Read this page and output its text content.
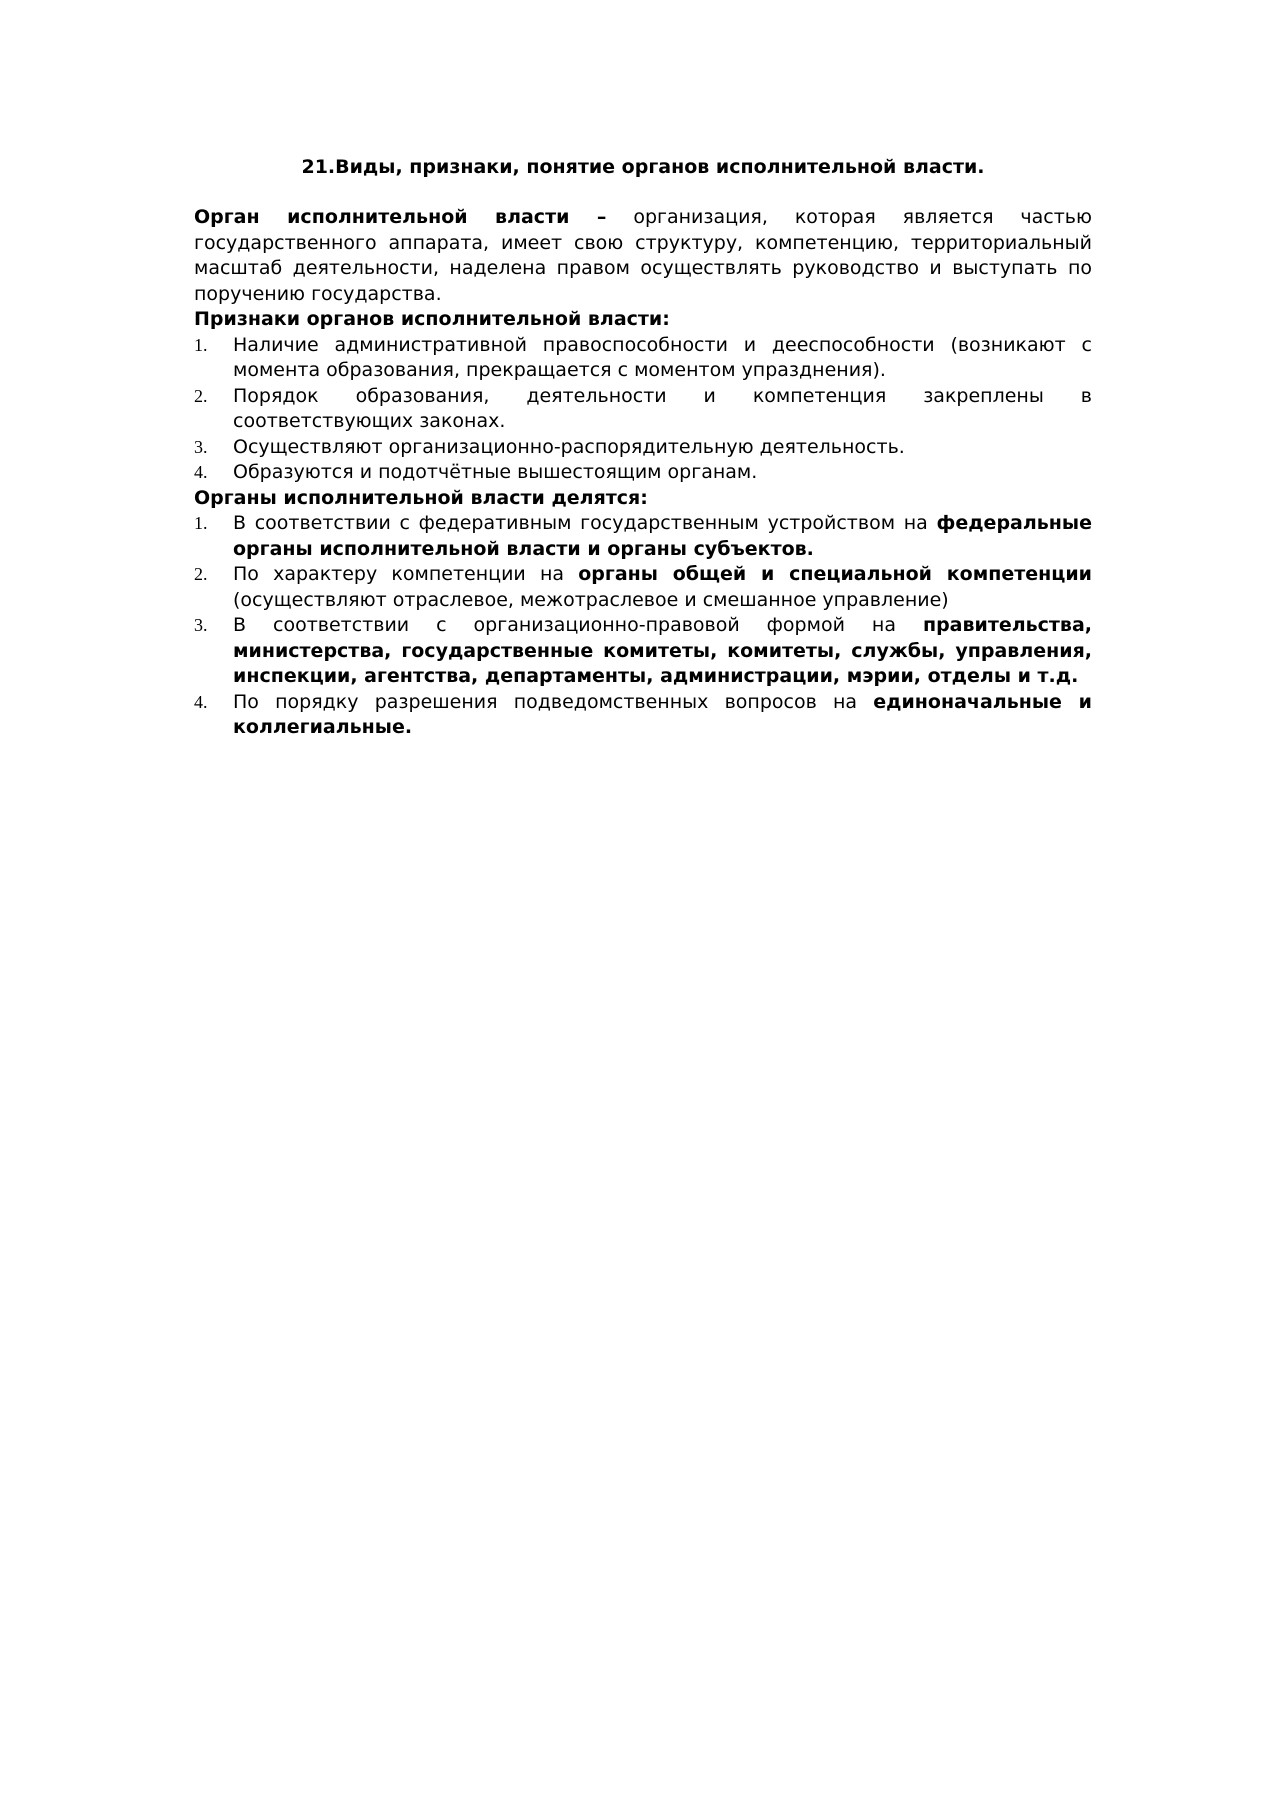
21.Виды, признаки, понятие органов исполнительной власти.

Орган исполнительной власти – организация, которая является частью государственного аппарата, имеет свою структуру, компетенцию, территориальный масштаб деятельности, наделена правом осуществлять руководство и выступать по поручению государства.

Признаки органов исполнительной власти:

1. Наличие административной правоспособности и дееспособности (возникают с момента образования, прекращается с моментом упразднения).
2. Порядок образования, деятельности и компетенция закреплены в соответствующих законах.
3. Осуществляют организационно-распорядительную деятельность.
4. Образуются и подотчётные вышестоящим органам.

Органы исполнительной власти делятся:

1. В соответствии с федеративным государственным устройством на федеральные органы исполнительной власти и органы субъектов.
2. По характеру компетенции на органы общей и специальной компетенции (осуществляют отраслевое, межотраслевое и смешанное управление)
3. В соответствии с организационно-правовой формой на правительства, министерства, государственные комитеты, комитеты, службы, управления, инспекции, агентства, департаменты, администрации, мэрии, отделы и т.д.
4. По порядку разрешения подведомственных вопросов на единоначальные и коллегиальные.
